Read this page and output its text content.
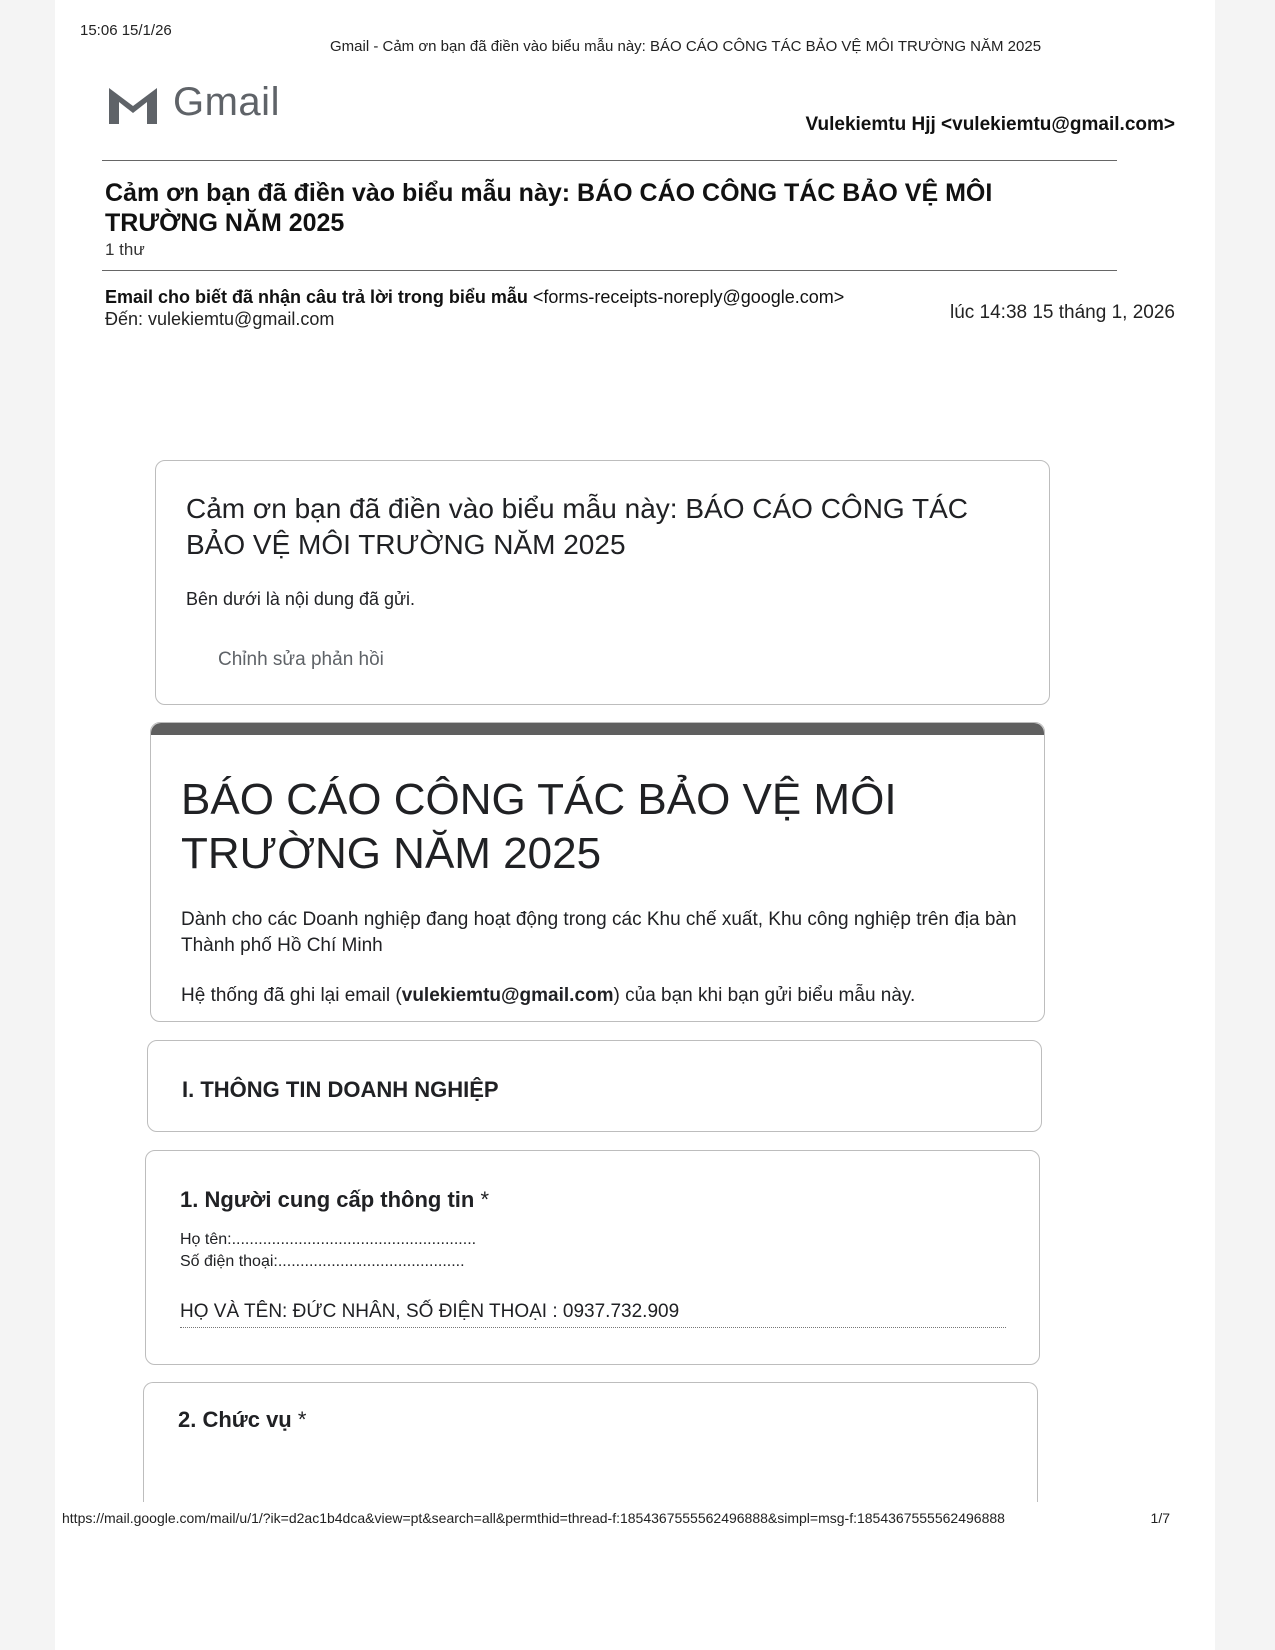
15:06 15/1/26
Gmail - Cảm ơn bạn đã điền vào biểu mẫu này: BÁO CÁO CÔNG TÁC BẢO VỆ MÔI TRƯỜNG NĂM 2025
Gmail
Vulekiemtu Hjj <vulekiemtu@gmail.com>
Cảm ơn bạn đã điền vào biểu mẫu này: BÁO CÁO CÔNG TÁC BẢO VỆ MÔI TRƯỜNG NĂM 2025
1 thư
Email cho biết đã nhận câu trả lời trong biểu mẫu <forms-receipts-noreply@google.com>
Đến: vulekiemtu@gmail.com	lúc 14:38 15 tháng 1, 2026
Cảm ơn bạn đã điền vào biểu mẫu này: BÁO CÁO CÔNG TÁC BẢO VỆ MÔI TRƯỜNG NĂM 2025
Bên dưới là nội dung đã gửi.
Chỉnh sửa phản hồi
BÁO CÁO CÔNG TÁC BẢO VỆ MÔI TRƯỜNG NĂM 2025
Dành cho các Doanh nghiệp đang hoạt động trong các Khu chế xuất, Khu công nghiệp trên địa bàn Thành phố Hồ Chí Minh
Hệ thống đã ghi lại email (vulekiemtu@gmail.com) của bạn khi bạn gửi biểu mẫu này.
I. THÔNG TIN DOANH NGHIỆP
1. Người cung cấp thông tin *
Họ tên:.......................................................
Số điện thoại:..........................................
HỌ VÀ TÊN: ĐỨC NHÂN, SỐ ĐIỆN THOẠI : 0937.732.909
2. Chức vụ *
https://mail.google.com/mail/u/1/?ik=d2ac1b4dca&view=pt&search=all&permthid=thread-f:1854367555562496888&simpl=msg-f:1854367555562496888	1/7
